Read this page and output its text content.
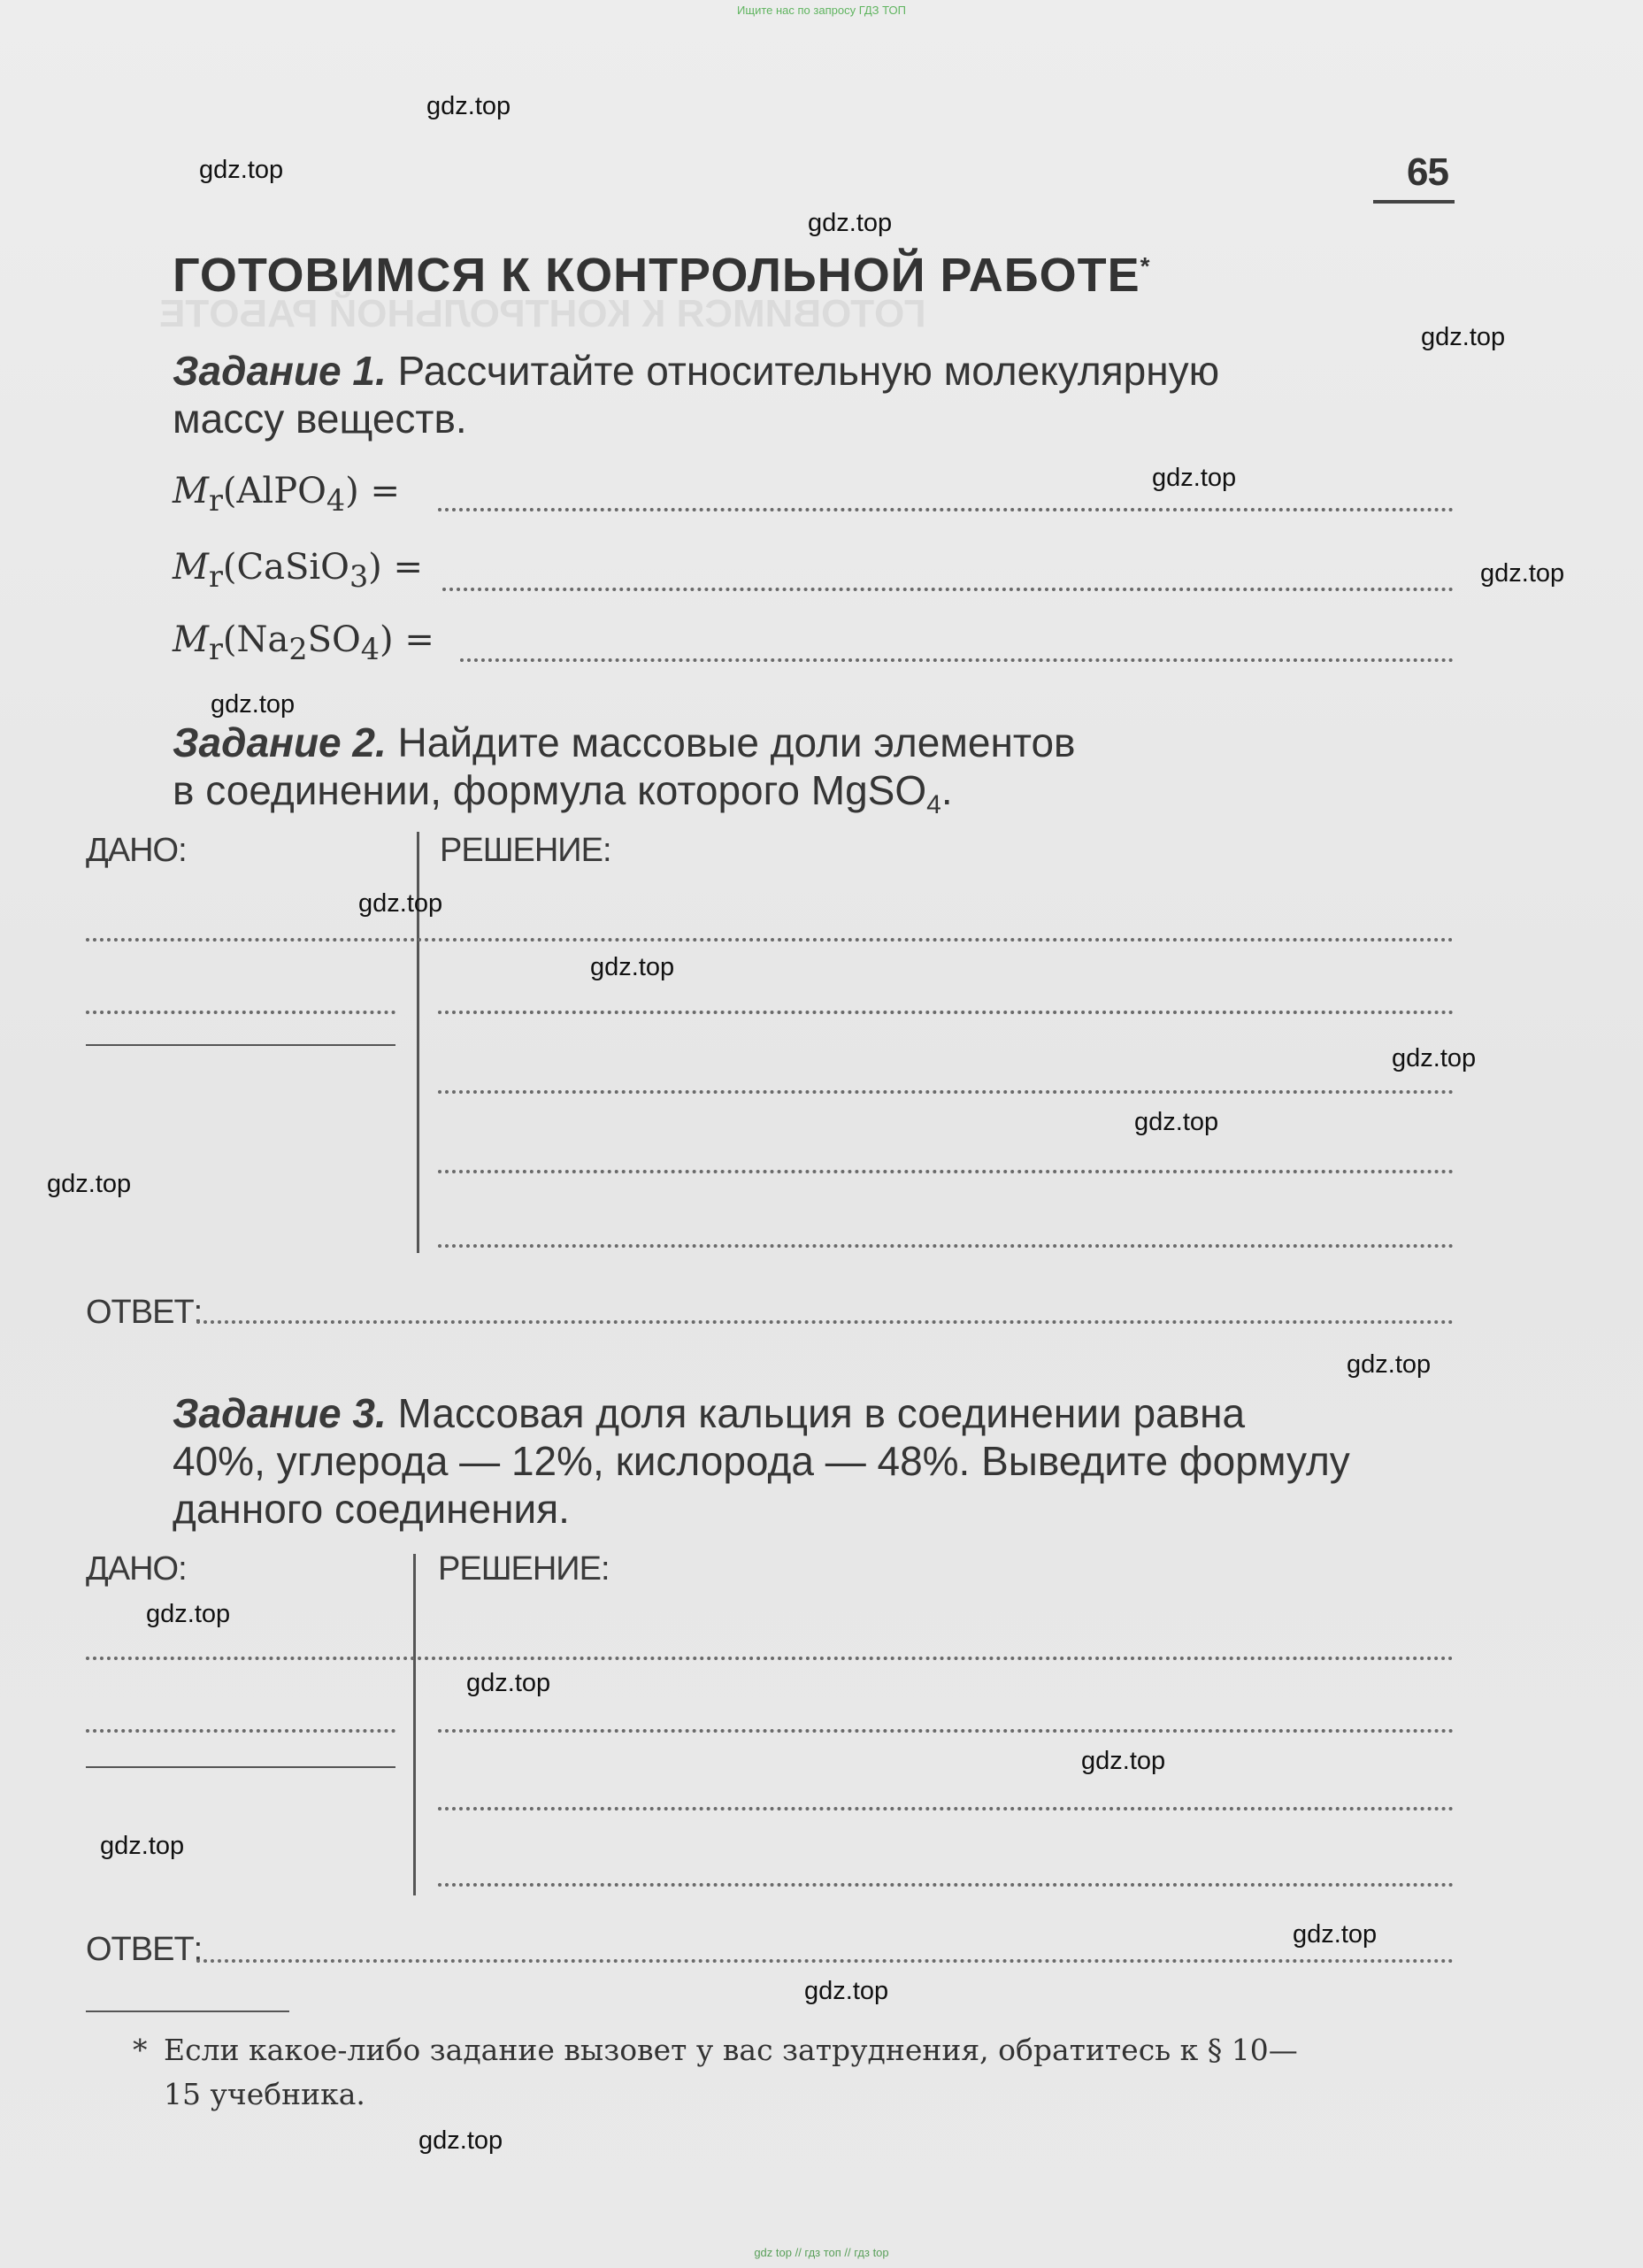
Ищите нас по запросу ГДЗ ТОП
ГОТОВИМСЯ К КОНТРОЛЬНОЙ РАБОТЕ
65
ГОТОВИМСЯ К КОНТРОЛЬНОЙ РАБОТЕ*
Задание 1. Рассчитайте относительную молекулярную
массу веществ.
$M_r(AlPO_4)$ =
$M_r(CaSiO_3)$ =
$M_r(Na_2SO_4)$ =
Задание 2. Найдите массовые доли элементов
в соединении, формула которого MgSO$_4$.
ДАНО:	РЕШЕНИЕ:
ОТВЕТ:
Задание 3. Массовая доля кальция в соединении равна
40%, углерода — 12%, кислорода — 48%. Выведите формулу
данного соединения.
ДАНО:	РЕШЕНИЕ:
ОТВЕТ:
* Если какое-либо задание вызовет у вас затруднения, обратитесь к § 10—
15 учебника.
gdz.top
gdz.top
gdz.top
gdz.top
gdz.top
gdz.top
gdz.top
gdz.top
gdz.top
gdz.top
gdz.top
gdz.top
gdz.top
gdz.top
gdz.top
gdz.top
gdz.top
gdz.top
gdz.top
gdz.top
gdz top // гдз топ // гдз top
